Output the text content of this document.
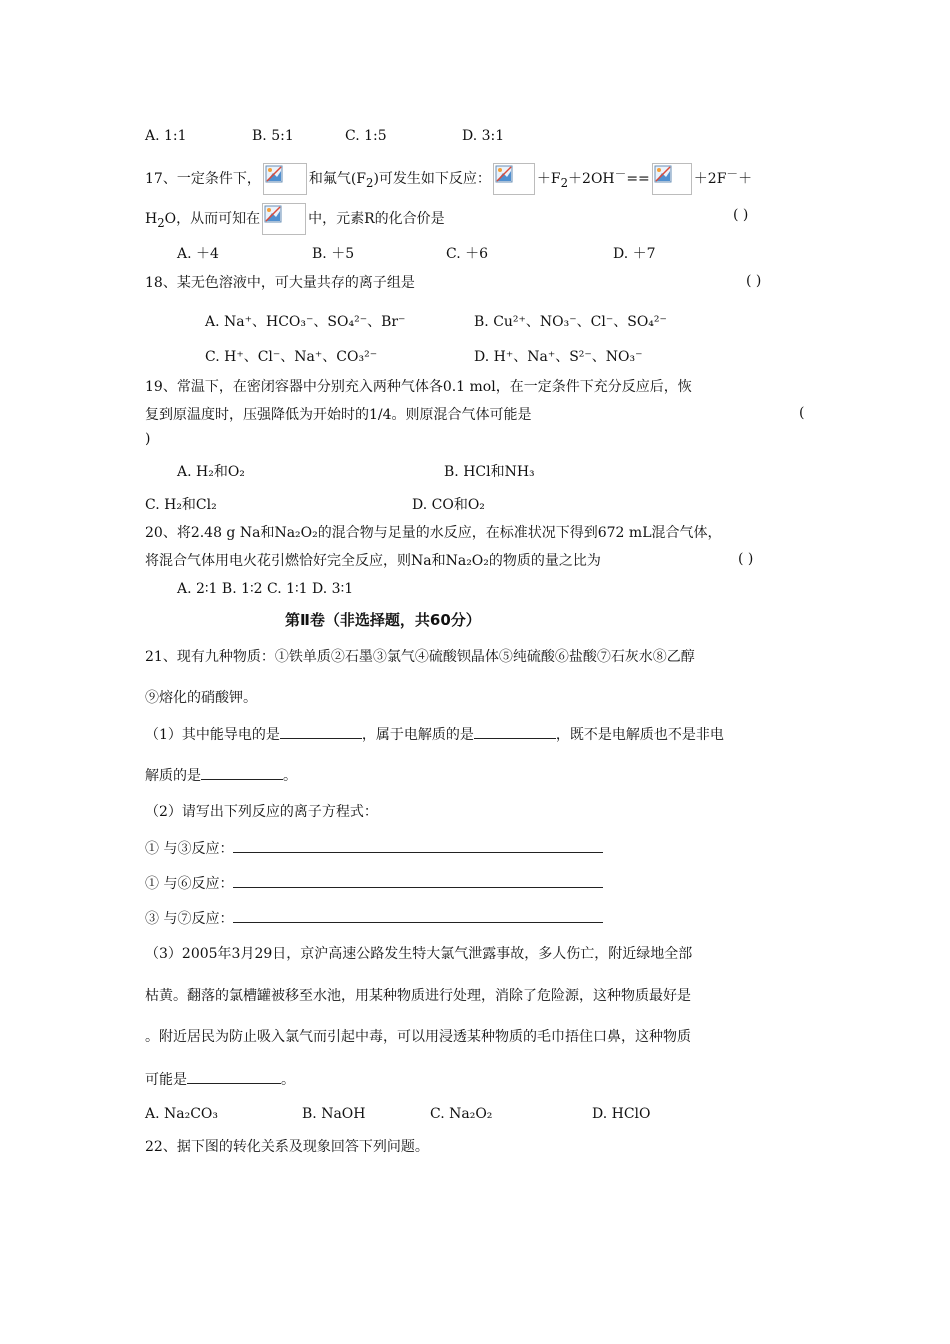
A. 1:1	B. 5:1	C. 1:5	D. 3:1
17、一定条件下，	和氟气$(F_2)$可发生如下反应：	$+F_2+2OH^-==$	＋2F－＋
$H_2O$，从而可知在	中，元素R的化合价是	( )
A. ＋4	B. ＋5	C. ＋6	D. ＋7
18、某无色溶液中，可大量共存的离子组是	( )
A. Na⁺、HCO₃⁻、SO₄²⁻、Br⁻	B. Cu²⁺、NO₃⁻、Cl⁻、SO₄²⁻
C. H⁺、Cl⁻、Na⁺、CO₃²⁻	D. H⁺、Na⁺、S²⁻、NO₃⁻
19、常温下，在密闭容器中分别充入两种气体各0.1 mol，在一定条件下充分反应后，恢
复到原温度时，压强降低为开始时的1/4。则原混合气体可能是	(
)
A. H₂和O₂	B. HCl和NH₃
C. H₂和Cl₂	D. CO和O₂
20、将2.48 g Na和Na₂O₂的混合物与足量的水反应，在标准状况下得到672 mL混合气体，
将混合气体用电火花引燃恰好完全反应，则Na和Na₂O₂的物质的量之比为	( )
A. 2∶1 B. 1∶2 C. 1∶1 D. 3∶1
第Ⅱ卷（非选择题，共60分）
21、现有九种物质：①铁单质②石墨③氯气④硫酸钡晶体⑤纯硫酸⑥盐酸⑦石灰水⑧乙醇
⑨熔化的硝酸钾。
（1）其中能导电的是	，属于电解质的是	，既不是电解质也不是非电
解质的是	。
（2）请写出下列反应的离子方程式：
① 与③反应：
① 与⑥反应：
③ 与⑦反应：
（3）2005年3月29日，京沪高速公路发生特大氯气泄露事故，多人伤亡，附近绿地全部
枯黄。翻落的氯槽罐被移至水池，用某种物质进行处理，消除了危险源，这种物质最好是
。附近居民为防止吸入氯气而引起中毒，可以用浸透某种物质的毛巾捂住口鼻，这种物质
可能是	。
A. Na₂CO₃	B. NaOH	C. Na₂O₂	D. HClO
22、据下图的转化关系及现象回答下列问题。
